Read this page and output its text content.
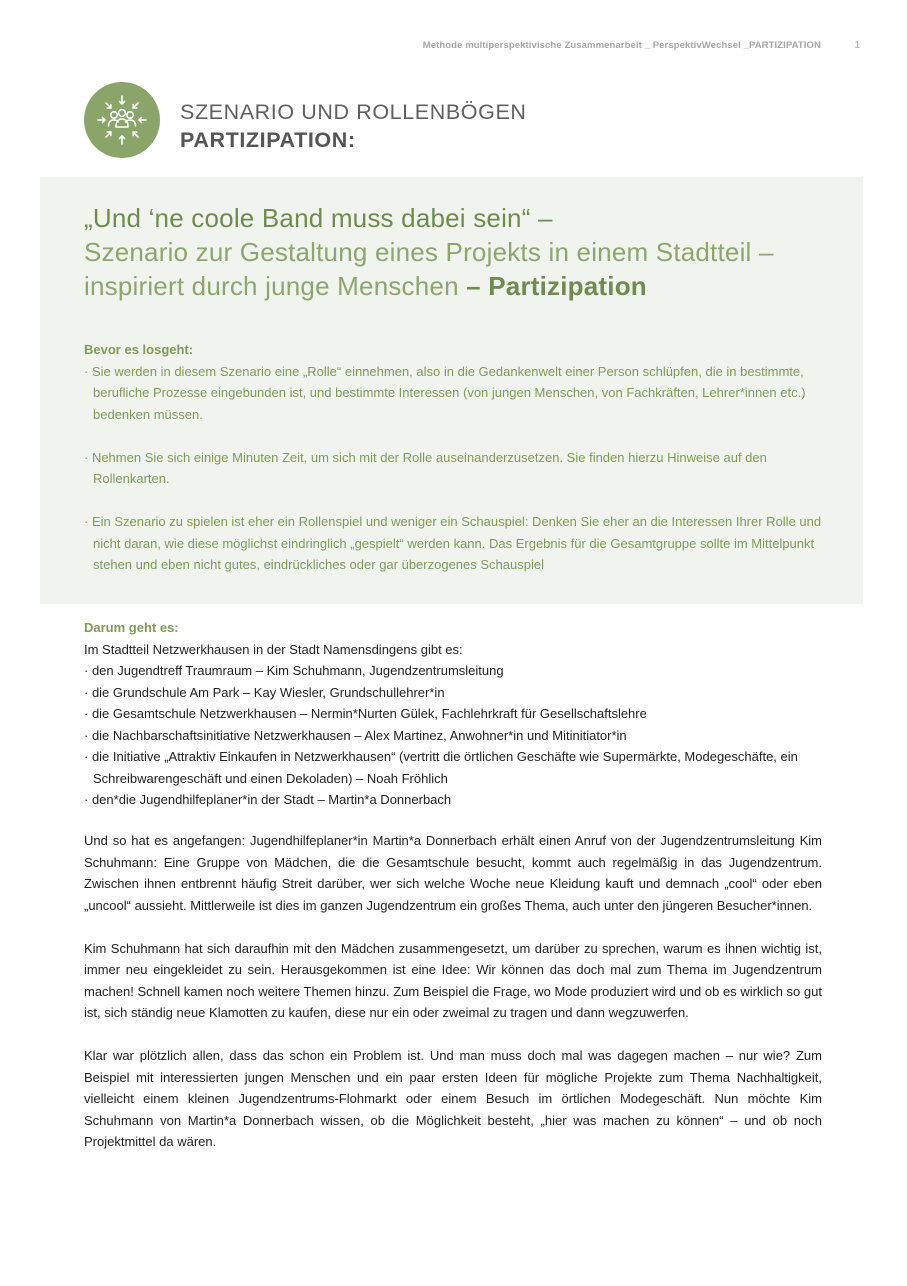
Methode multiperspektivische Zusammenarbeit _ PerspektivWechsel _PARTIZIPATION	1
SZENARIO UND ROLLENBÖGEN
PARTIZIPATION:
„Und ‘ne coole Band muss dabei sein“ –
Szenario zur Gestaltung eines Projekts in einem Stadtteil –
inspiriert durch junge Menschen – Partizipation
Bevor es losgeht:
· Sie werden in diesem Szenario eine „Rolle“ einnehmen, also in die Gedankenwelt einer Person schlüpfen, die in bestimmte, berufliche Prozesse eingebunden ist, und bestimmte Interessen (von jungen Menschen, von Fachkräften, Lehrer*innen etc.) bedenken müssen.
· Nehmen Sie sich einige Minuten Zeit, um sich mit der Rolle auseinanderzusetzen. Sie finden hierzu Hinweise auf den Rollenkarten.
· Ein Szenario zu spielen ist eher ein Rollenspiel und weniger ein Schauspiel: Denken Sie eher an die Interessen Ihrer Rolle und nicht daran, wie diese möglichst eindringlich „gespielt“ werden kann. Das Ergebnis für die Gesamtgruppe sollte im Mittelpunkt stehen und eben nicht gutes, eindrückliches oder gar überzogenes Schauspiel
Darum geht es:
Im Stadtteil Netzwerkhausen in der Stadt Namensdingens gibt es:
· den Jugendtreff Traumraum – Kim Schuhmann, Jugendzentrumsleitung
· die Grundschule Am Park – Kay Wiesler, Grundschullehrer*in
· die Gesamtschule Netzwerkhausen – Nermin*Nurten Gülek, Fachlehrkraft für Gesellschaftslehre
· die Nachbarschaftsinitiative Netzwerkhausen – Alex Martinez, Anwohner*in und Mitinitiator*in
· die Initiative „Attraktiv Einkaufen in Netzwerkhausen“ (vertritt die örtlichen Geschäfte wie Supermärkte, Modegeschäfte, ein Schreibwarengeschäft und einen Dekoladen) – Noah Fröhlich
· den*die Jugendhilfeplaner*in der Stadt – Martin*a Donnerbach

Und so hat es angefangen: Jugendhilfeplaner*in Martin*a Donnerbach erhält einen Anruf von der Jugendzentrumsleitung Kim Schuhmann: Eine Gruppe von Mädchen, die die Gesamtschule besucht, kommt auch regelmäßig in das Jugendzentrum. Zwischen ihnen entbrennt häufig Streit darüber, wer sich welche Woche neue Kleidung kauft und demnach „cool“ oder eben „uncool“ aussieht. Mittlerweile ist dies im ganzen Jugendzentrum ein großes Thema, auch unter den jüngeren Besucher*innen.

Kim Schuhmann hat sich daraufhin mit den Mädchen zusammengesetzt, um darüber zu sprechen, warum es ihnen wichtig ist, immer neu eingekleidet zu sein. Herausgekommen ist eine Idee: Wir können das doch mal zum Thema im Jugendzentrum machen! Schnell kamen noch weitere Themen hinzu. Zum Beispiel die Frage, wo Mode produziert wird und ob es wirklich so gut ist, sich ständig neue Klamotten zu kaufen, diese nur ein oder zweimal zu tragen und dann wegzuwerfen.

Klar war plötzlich allen, dass das schon ein Problem ist. Und man muss doch mal was dagegen machen – nur wie? Zum Beispiel mit interessierten jungen Menschen und ein paar ersten Ideen für mögliche Projekte zum Thema Nachhaltigkeit, vielleicht einem kleinen Jugendzentrums-Flohmarkt oder einem Besuch im örtlichen Modegeschäft. Nun möchte Kim Schuhmann von Martin*a Donnerbach wissen, ob die Möglichkeit besteht, „hier was machen zu können“ – und ob noch Projektmittel da wären.
